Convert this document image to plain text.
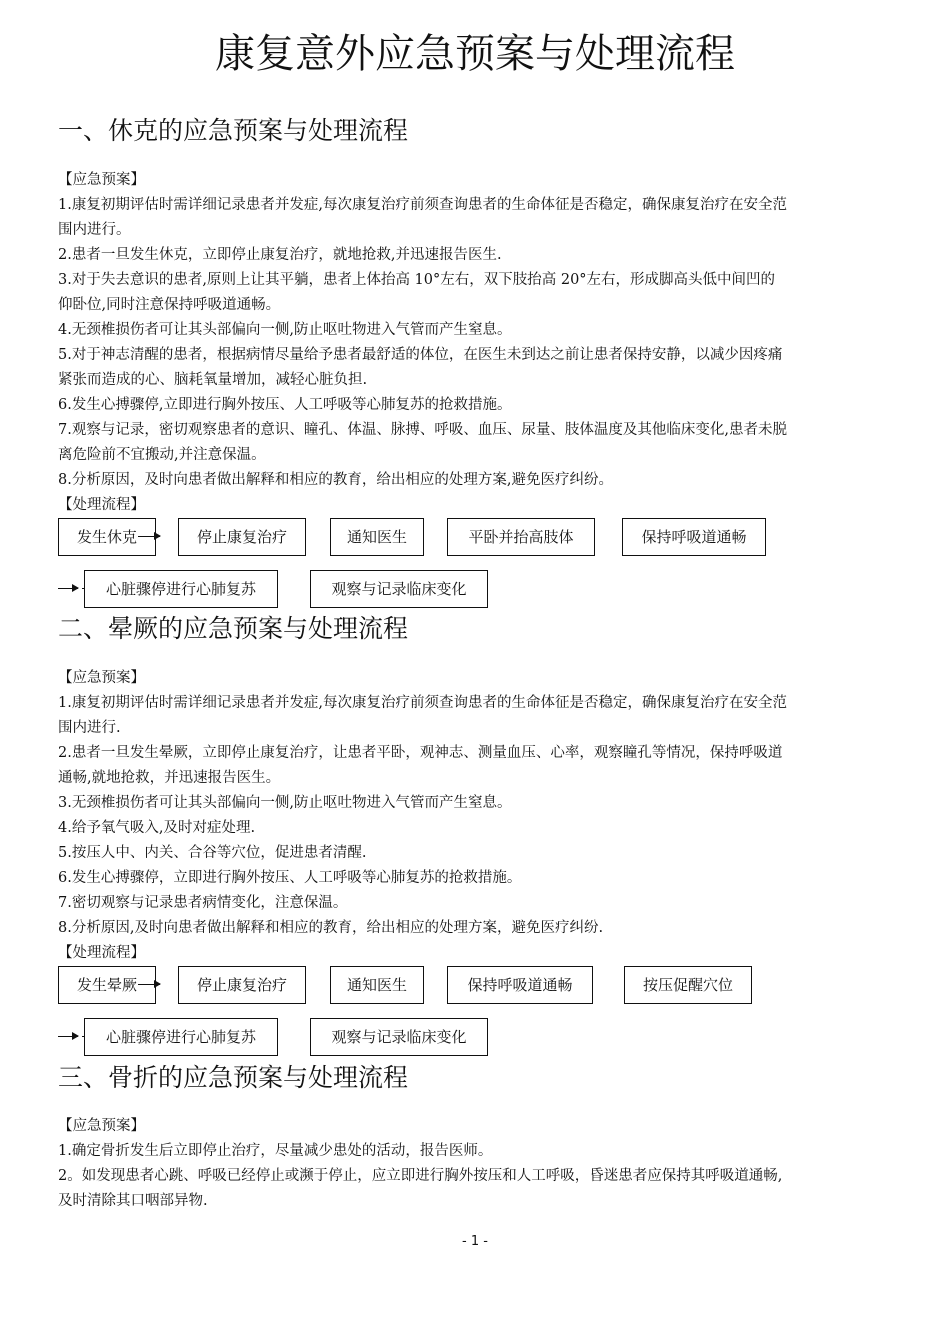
康复意外应急预案与处理流程
一、休克的应急预案与处理流程

【应急预案】

1.康复初期评估时需详细记录患者并发症,每次康复治疗前须查询患者的生命体征是否稳定，确保康复治疗在安全范

围内进行。

2.患者一旦发生休克，立即停止康复治疗，就地抢救,并迅速报告医生.

3.对于失去意识的患者,原则上让其平躺，患者上体抬高 10°左右，双下肢抬高 20°左右，形成脚高头低中间凹的

仰卧位,同时注意保持呼吸道通畅。

4.无颈椎损伤者可让其头部偏向一侧,防止呕吐物进入气管而产生窒息。

5.对于神志清醒的患者，根据病情尽量给予患者最舒适的体位，在医生未到达之前让患者保持安静，以减少因疼痛

紧张而造成的心、脑耗氧量增加，减轻心脏负担.

6.发生心搏骤停,立即进行胸外按压、人工呼吸等心肺复苏的抢救措施。

7.观察与记录，密切观察患者的意识、瞳孔、体温、脉搏、呼吸、血压、尿量、肢体温度及其他临床变化,患者未脱

离危险前不宜搬动,并注意保温。

8.分析原因，及时向患者做出解释和相应的教育，给出相应的处理方案,避免医疗纠纷。

【处理流程】

发生休克	停止康复治疗	通知医生	平卧并抬高肢体	保持呼吸道通畅
心脏骤停进行心肺复苏	观察与记录临床变化
二、晕厥的应急预案与处理流程

【应急预案】

1.康复初期评估时需详细记录患者并发症,每次康复治疗前须查询患者的生命体征是否稳定，确保康复治疗在安全范

围内进行.

2.患者一旦发生晕厥，立即停止康复治疗，让患者平卧，观神志、测量血压、心率，观察瞳孔等情况，保持呼吸道

通畅,就地抢救，并迅速报告医生。

3.无颈椎损伤者可让其头部偏向一侧,防止呕吐物进入气管而产生窒息。

4.给予氧气吸入,及时对症处理.

5.按压人中、内关、合谷等穴位，促进患者清醒.

6.发生心搏骤停，立即进行胸外按压、人工呼吸等心肺复苏的抢救措施。

7.密切观察与记录患者病情变化，注意保温。

8.分析原因,及时向患者做出解释和相应的教育，给出相应的处理方案，避免医疗纠纷.

【处理流程】

发生晕厥	停止康复治疗	通知医生	保持呼吸道通畅	按压促醒穴位
心脏骤停进行心肺复苏	观察与记录临床变化
三、骨折的应急预案与处理流程

【应急预案】

1.确定骨折发生后立即停止治疗，尽量减少患处的活动，报告医师。

2。如发现患者心跳、呼吸已经停止或濒于停止，应立即进行胸外按压和人工呼吸，昏迷患者应保持其呼吸道通畅,

及时清除其口咽部异物.

- 1 -
